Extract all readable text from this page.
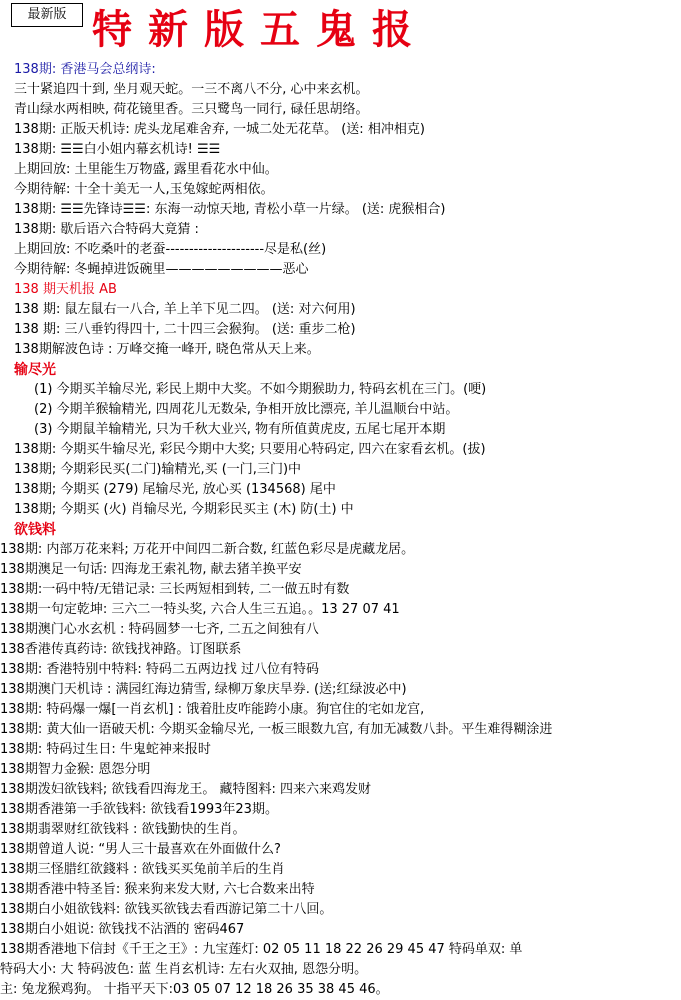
最新版 特新版五鬼报
138期: 香港马会总纲诗:
三十紧追四十到, 坐月观天蛇。一三不离八不分, 心中来玄机。
青山绿水两相映, 荷花镜里香。三只鹭鸟一同行, 碌任思胡络。
138期: 正版天机诗: 虎头龙尾难舍弃, 一城二处无花草。 (送: 相冲相克)
138期: ☰☰白小姐内幕玄机诗! ☰☰
上期回放: 土里能生万物盛, 露里看花水中仙。
今期待解: 十全十美无一人,玉兔嫁蛇两相依。
138期: ☰☰先锋诗☰☰: 东海一动惊天地, 青松小草一片绿。 (送: 虎猴相合)
138期: 歇后语六合特码大竟猜 :
上期回放: 不吃桑叶的老蚕---------------------尽是私(丝)
今期待解: 冬蝇掉进饭碗里—————————恶心
138 期天机报 AB
138 期: 鼠左鼠右一八合, 羊上羊下见二四。 (送: 对六何用)
138 期: 三八垂钓得四十, 二十四三会猴狗。 (送: 重步二枪)
138期解波色诗 : 万峰交掩一峰开, 晓色常从天上来。
输尽光
(1) 今期买羊输尽光, 彩民上期中大奖。不如今期猴助力, 特码玄机在三门。(哽)
(2) 今期羊猴输精光, 四周花儿无数朵, 争相开放比漂亮, 羊儿温顺台中站。
(3) 今期鼠羊输精光, 只为千秋大业兴, 物有所值黄虎皮, 五尾七尾开本期
138期: 今期买牛输尽光, 彩民今期中大奖; 只要用心特码定, 四六在家看玄机。(拔)
138期; 今期彩民买(二门)输精光,买 (一门,三门)中
138期; 今期买 (279) 尾输尽光, 放心买 (134568) 尾中
138期; 今期买 (火) 肖输尽光, 今期彩民买主 (木) 防(土) 中
欲钱料
138期: 内部万花来料; 万花开中间四二新合数, 红蓝色彩尽是虎藏龙居。
138期澳足一句话: 四海龙王索礼物, 献去猪羊换平安
138期:一码中特/无错记录: 三长两短相到转, 二一做五时有数
138期一句定乾坤: 三六二一特头奖, 六合人生三五追。。13 27 07 41
138期澳门心水玄机 : 特码圆梦一七齐, 二五之间独有八
138香港传真药诗: 欲钱找神路。订图联系
138期: 香港特别中特料: 特码二五两边找 过八位有特码
138期澳门天机诗 : 满园红海边猜雪, 绿柳万象庆旱券. (送;红绿波必中)
138期: 特码爆一爆[一肖玄机] : 饿着肚皮咋能跨小康。狗官住的宅如龙宫,
138期: 黄大仙一语破天机: 今期买金输尽光, 一板三眼数九宫, 有加无减数八卦。平生难得糊涂进
138期: 特码过生日: 牛鬼蛇神来报时
138期智力金猴: 恩怨分明
138期泼妇欲钱料; 欲钱看四海龙王。 藏特图料: 四来六来鸡发财
138期香港第一手欲钱料: 欲钱看1993年23期。
138期翡翠财红欲钱料 : 欲钱勤快的生肖。
138期曾道人说: “男人三十最喜欢在外面做什么?
138期三怪腊红欲錢料 : 欲钱买买兔前羊后的生肖
138期香港中特圣旨: 猴来狗来发大财, 六七合数来出特
138期白小姐欲钱料: 欲钱买欲钱去看西游记第二十八回。
138期白小姐说: 欲钱找不沾酒的 密码467
138期香港地下信封《千王之王》: 九宝莲灯: 02 05 11 18 22 26 29 45 47 特码单双: 单
特码大小: 大 特码波色: 蓝 生肖玄机诗: 左右火双抽, 恩怨分明。
主: 兔龙猴鸡狗。 十指平天下:03 05 07 12 18 26 35 38 45 46。
